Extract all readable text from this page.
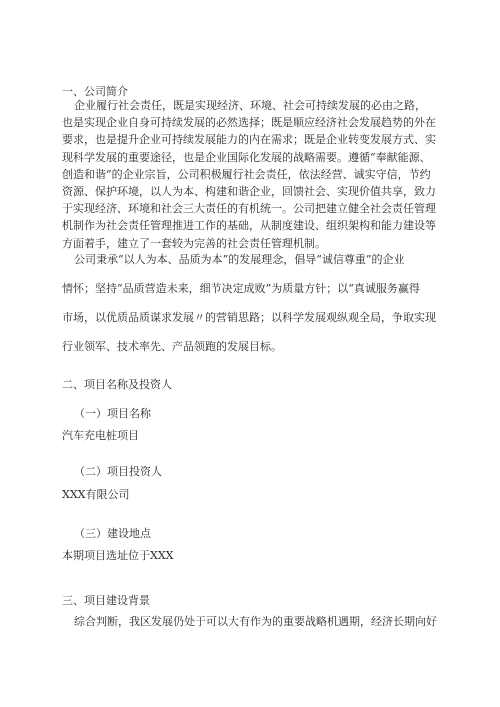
一、公司简介
企业履行社会责任，既是实现经济、环境、社会可持续发展的必由之路，
也是实现企业自身可持续发展的必然选择；既是顺应经济社会发展趋势的外在
要求，也是提升企业可持续发展能力的内在需求；既是企业转变发展方式、实
现科学发展的重要途径，也是企业国际化发展的战略需要。遵循“奉献能源、
创造和谐”的企业宗旨，公司积极履行社会责任，依法经营、诚实守信，节约
资源、保护环境，以人为本、构建和谐企业，回馈社会、实现价值共享，致力
于实现经济、环境和社会三大责任的有机统一。公司把建立健全社会责任管理
机制作为社会责任管理推进工作的基础，从制度建设、组织架构和能力建设等
方面着手，建立了一套较为完善的社会责任管理机制。
公司秉承“以人为本、品质为本”的发展理念，倡导“诚信尊重”的企业
情怀；坚持“品质营造未来，细节决定成败”为质量方针；以“真诚服务赢得
市场，以优质品质谋求发展〃的营销思路；以科学发展观纵观全局，争取实现
行业领军、技术率先、产品领跑的发展目标。
二、项目名称及投资人
（一）项目名称
汽车充电桩项目
（二）项目投资人
XXX有限公司
（三）建设地点
本期项目选址位于XXX
三、项目建设背景
综合判断，我区发展仍处于可以大有作为的重要战略机遇期，经济长期向好
